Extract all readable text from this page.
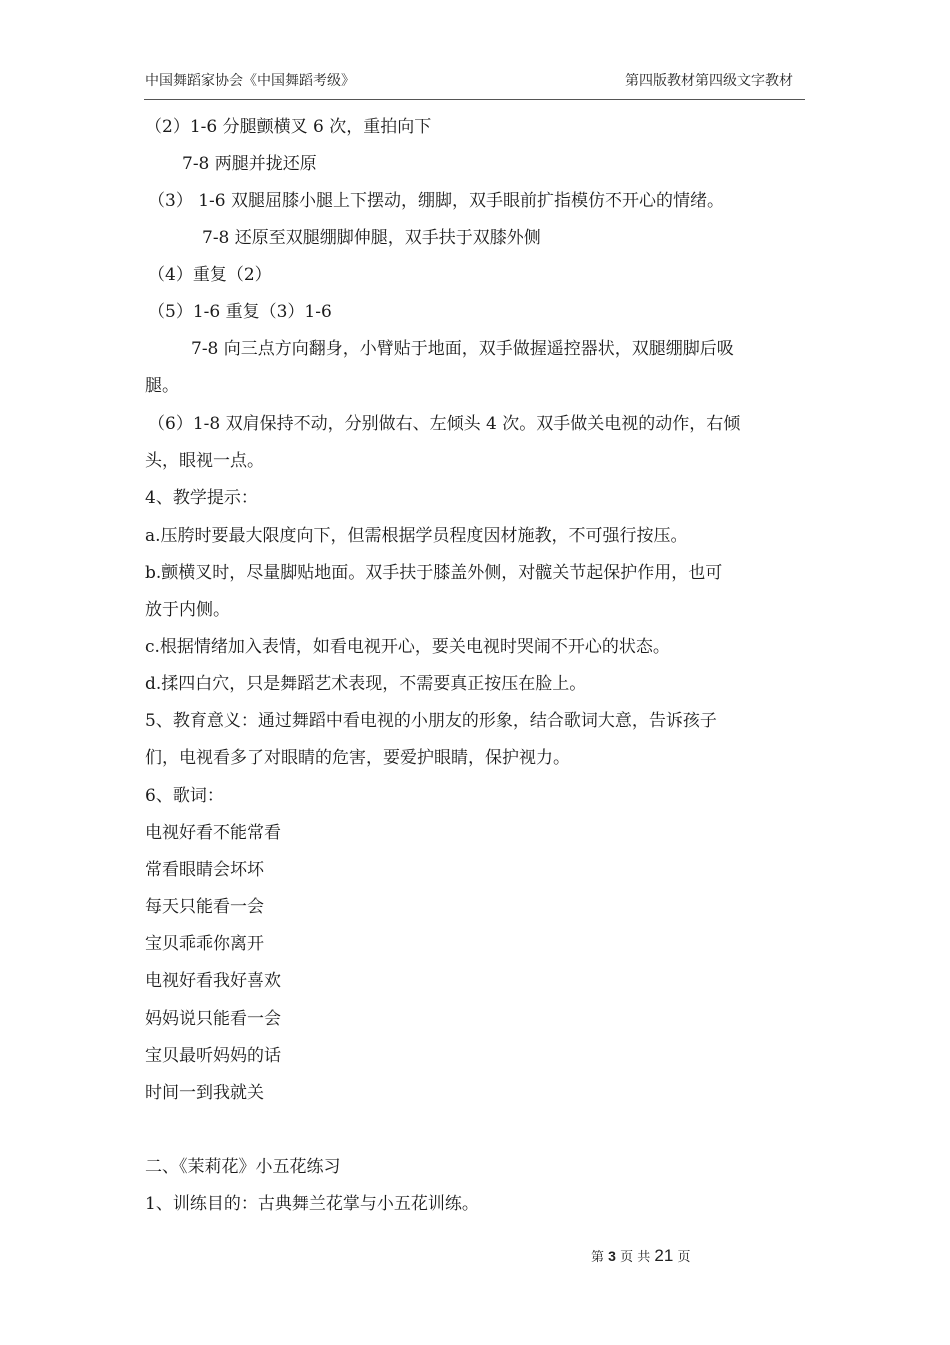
中国舞蹈家协会《中国舞蹈考级》	第四版教材第四级文字教材
（2）1-6 分腿颤横叉 6 次，重拍向下
7-8 两腿并拢还原
（3） 1-6 双腿屈膝小腿上下摆动，绷脚，双手眼前扩指模仿不开心的情绪。
7-8 还原至双腿绷脚伸腿，双手扶于双膝外侧
（4）重复（2）
（5）1-6 重复（3）1-6
7-8 向三点方向翻身，小臂贴于地面，双手做握遥控器状，双腿绷脚后吸
腿。
（6）1-8 双肩保持不动，分别做右、左倾头 4 次。双手做关电视的动作，右倾
头，眼视一点。
4、教学提示：
a.压胯时要最大限度向下，但需根据学员程度因材施教，不可强行按压。
b.颤横叉时，尽量脚贴地面。双手扶于膝盖外侧，对髋关节起保护作用，也可
放于内侧。
c.根据情绪加入表情，如看电视开心，要关电视时哭闹不开心的状态。
d.揉四白穴，只是舞蹈艺术表现，不需要真正按压在脸上。
5、教育意义：通过舞蹈中看电视的小朋友的形象，结合歌词大意，告诉孩子
们，电视看多了对眼睛的危害，要爱护眼睛，保护视力。
6、歌词：
电视好看不能常看
常看眼睛会坏坏
每天只能看一会
宝贝乖乖你离开
电视好看我好喜欢
妈妈说只能看一会
宝贝最听妈妈的话
时间一到我就关
二、《茉莉花》小五花练习
1、训练目的：古典舞兰花掌与小五花训练。
第 3 页 共 21 页
